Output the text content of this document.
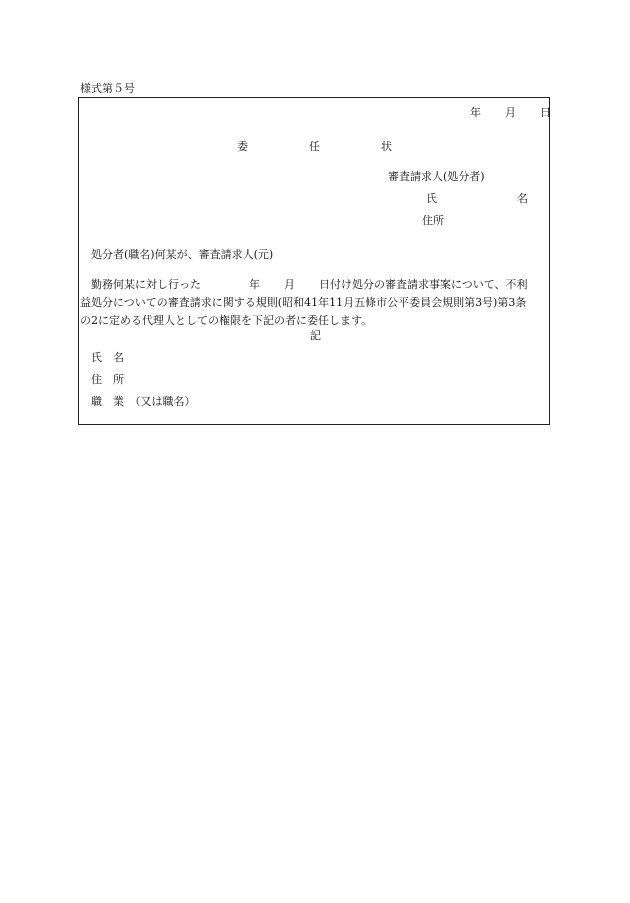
様式第５号
年 月 日
委	任	状
審査請求人(処分者)
氏	名
住所
処分者(職名)何某が、審査請求人(元)
勤務何某に対し行った	年 月 日付け処分の審査請求事案について、不利
益処分についての審査請求に関する規則(昭和41年11月五條市公平委員会規則第3号)第3条
の2に定める代理人としての権限を下記の者に委任します。
記
氏　名
住　所
職　業　（又は職名）
